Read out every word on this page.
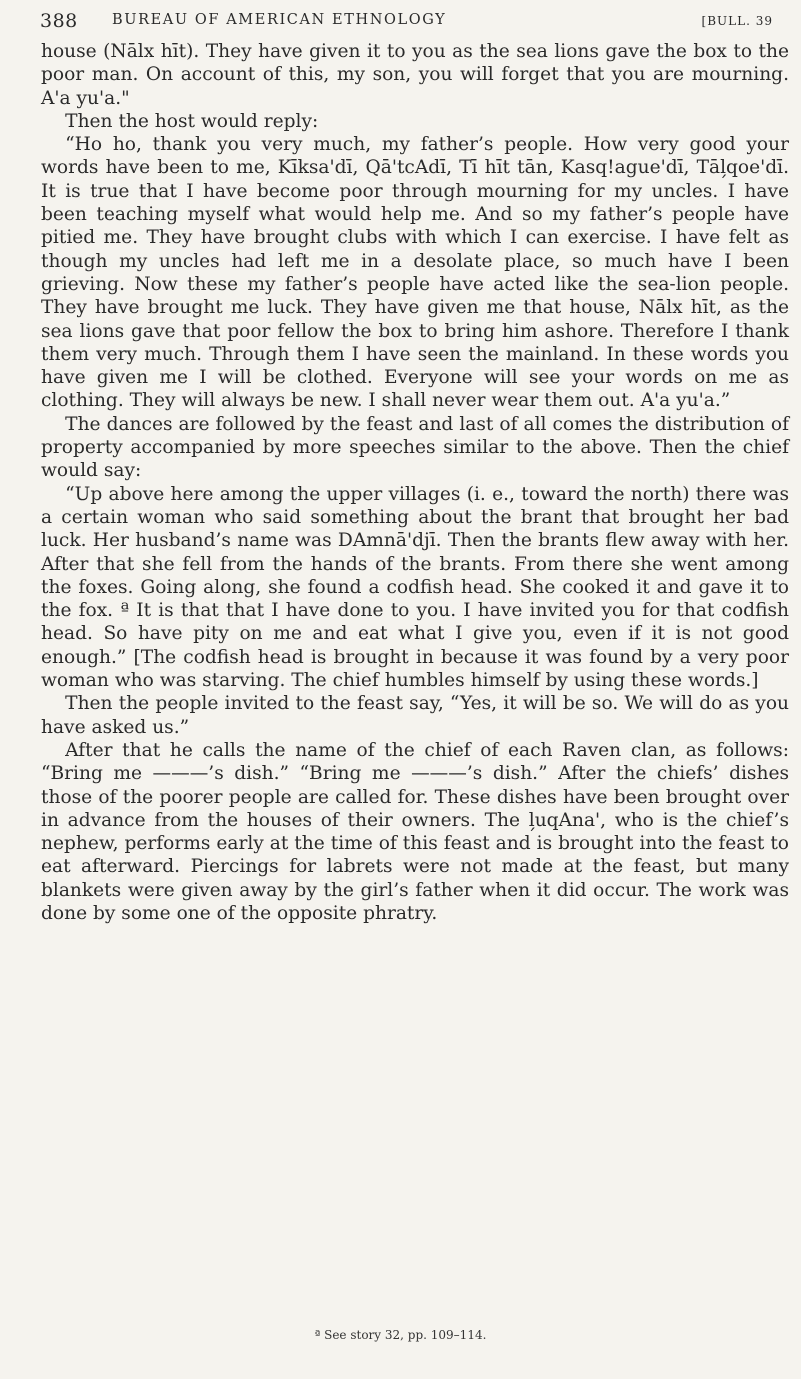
388 BUREAU OF AMERICAN ETHNOLOGY	[BULL. 39

house (Nālx hīt). They have given it to you as the sea lions gave the box to the poor man. On account of this, my son, you will forget that you are mourning. A'a yu'a."

Then the host would reply:

“Ho ho, thank you very much, my father’s people. How very good your words have been to me, Kīksa'dī, Qā'tcAdī, Tī hīt tān, Kasq!ague'dī, Tāl̗qoe'dī. It is true that I have become poor through mourning for my uncles. I have been teaching myself what would help me. And so my father’s people have pitied me. They have brought clubs with which I can exercise. I have felt as though my uncles had left me in a desolate place, so much have I been grieving. Now these my father’s people have acted like the sea-lion people. They have brought me luck. They have given me that house, Nālx hīt, as the sea lions gave that poor fellow the box to bring him ashore. Therefore I thank them very much. Through them I have seen the mainland. In these words you have given me I will be clothed. Everyone will see your words on me as clothing. They will always be new. I shall never wear them out. A'a yu'a.”

The dances are followed by the feast and last of all comes the distribution of property accompanied by more speeches similar to the above. Then the chief would say:

“Up above here among the upper villages (i. e., toward the north) there was a certain woman who said something about the brant that brought her bad luck. Her husband’s name was DAmnā'djī. Then the brants flew away with her. After that she fell from the hands of the brants. From there she went among the foxes. Going along, she found a codfish head. She cooked it and gave it to the fox. ª It is that that I have done to you. I have invited you for that codfish head. So have pity on me and eat what I give you, even if it is not good enough.” [The codfish head is brought in because it was found by a very poor woman who was starving. The chief humbles himself by using these words.]

Then the people invited to the feast say, “Yes, it will be so. We will do as you have asked us.”

After that he calls the name of the chief of each Raven clan, as follows: “Bring me ———’s dish.” “Bring me ———’s dish.” After the chiefs’ dishes those of the poorer people are called for. These dishes have been brought over in advance from the houses of their owners. The l̗uqAna', who is the chief’s nephew, performs early at the time of this feast and is brought into the feast to eat afterward. Piercings for labrets were not made at the feast, but many blankets were given away by the girl’s father when it did occur. The work was done by some one of the opposite phratry.

ª See story 32, pp. 109–114.
